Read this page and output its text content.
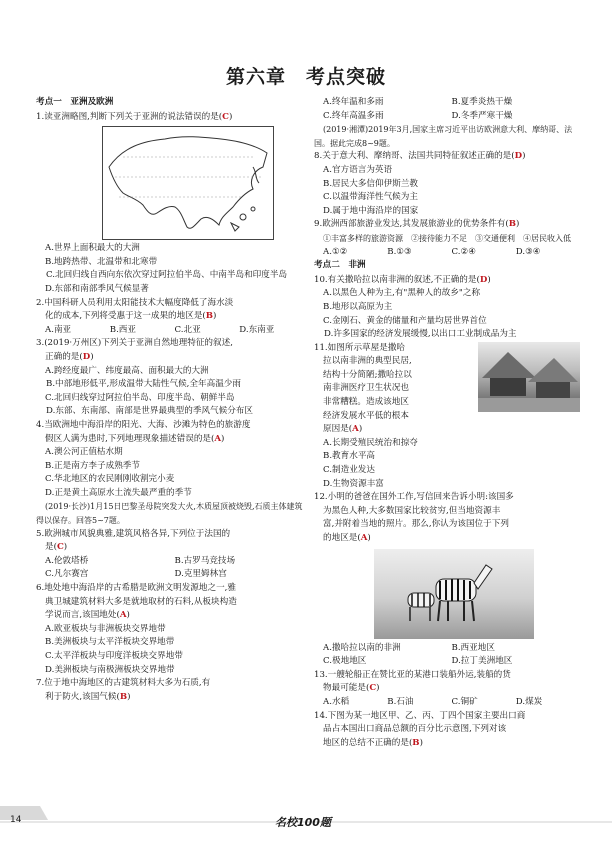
第六章　考点突破

考点一　亚洲及欧洲

1.读亚洲略图,判断下列关于亚洲的说法错误的是(C)

A.世界上面积最大的大洲

B.地跨热带、北温带和北寒带

C.北回归线自西向东依次穿过阿拉伯半岛、中南半岛和印度半岛

D.东部和南部季风气候显著

2.中国科研人员利用太阳能技术大幅度降低了海水淡

化的成本,下列将受惠于这一成果的地区是(B)

A.南亚	B.西亚	C.北亚	D.东南亚

3.(2019·万州区)下列关于亚洲自然地理特征的叙述,

正确的是(D)

A.跨经度最广、纬度最高、面积最大的大洲

B.中部地形低平,形成温带大陆性气候,全年高温少雨

C.北回归线穿过阿拉伯半岛、印度半岛、朝鲜半岛

D.东部、东南部、南部是世界最典型的季风气候分布区

4.当欧洲地中海沿岸的阳光、大海、沙滩为特色的旅游度

假区人满为患时,下列地理现象描述错误的是(A)

A.澳公河正值枯水期

B.正是南方李子成熟季节

C.华北地区的农民刚刚收割完小麦

D.正是黄土高原水土流失最严重的季节

(2019·长沙)1月15日巴黎圣母院突发大火,木质屋顶被烧毁,石质主体建筑得以保存。回答5~7题。

5.欧洲城市风貌典雅,建筑风格各异,下列位于法国的

是(C)

A.伦敦塔桥	B.古罗马竞技场
C.凡尔赛宫	D.克里姆林宫

6.地处地中海沿岸的古希腊是欧洲文明发源地之一,雅

典卫城建筑材料大多是就地取材的石料,从板块构造

学说而言,该国地处(A)

A.欧亚板块与非洲板块交界地带

B.美洲板块与太平洋板块交界地带

C.太平洋板块与印度洋板块交界地带

D.美洲板块与南极洲板块交界地带

7.位于地中海地区的古建筑材料大多为石质,有

利于防火,该国气候(B)

A.终年温和多雨	B.夏季炎热干燥
C.终年高温多雨	D.冬季严寒干燥

(2019·湘潭)2019年3月,国家主席习近平出访欧洲意大利、摩纳哥、法国。据此完成8~9题。

8.关于意大利、摩纳哥、法国共同特征叙述正确的是(D)

A.官方语言为英语

B.居民大多信仰伊斯兰教

C.以温带海洋性气候为主

D.属于地中海沿岸的国家

9.欧洲西部旅游业发达,其发展旅游业的优势条件有(B)

①丰富多样的旅游资源　②接待能力不足　③交通便利　④居民收入低

A.①②	B.①③	C.②④	D.③④

考点二　非洲

10.有关撒哈拉以南非洲的叙述,不正确的是(D)

A.以黑色人种为主,有"黑种人的故乡"之称

B.地形以高原为主

C.金刚石、黄金的储量和产量均居世界首位

D.许多国家的经济发展缓慢,以出口工业制成品为主

11.如图所示草屋是撒哈

拉以南非洲的典型民居,

结构十分简陋;撒哈拉以

南非洲医疗卫生状况也

非常糟糕。造成该地区

经济发展水平低的根本

原因是(A)

A.长期受殖民统治和掠夺

B.教育水平高

C.制造业发达

D.生物资源丰富

12.小明的爸爸在国外工作,写信回来告诉小明:该国多

为黑色人种,大多数国家比较贫穷,但当地资源丰

富,并附着当地的照片。那么,你认为该国位于下列

的地区是(A)

A.撒哈拉以南的非洲	B.西亚地区
C.极地地区	D.拉丁美洲地区

13.一艘轮船正在赞比亚的某港口装船外运,装船的货

物最可能是(C)

A.水稻	B.石油	C.铜矿	D.煤炭

14.下图为某一地区甲、乙、丙、丁四个国家主要出口商

品占本国出口商品总额的百分比示意图,下列对该

地区的总结不正确的是(B)

14	名校100题
